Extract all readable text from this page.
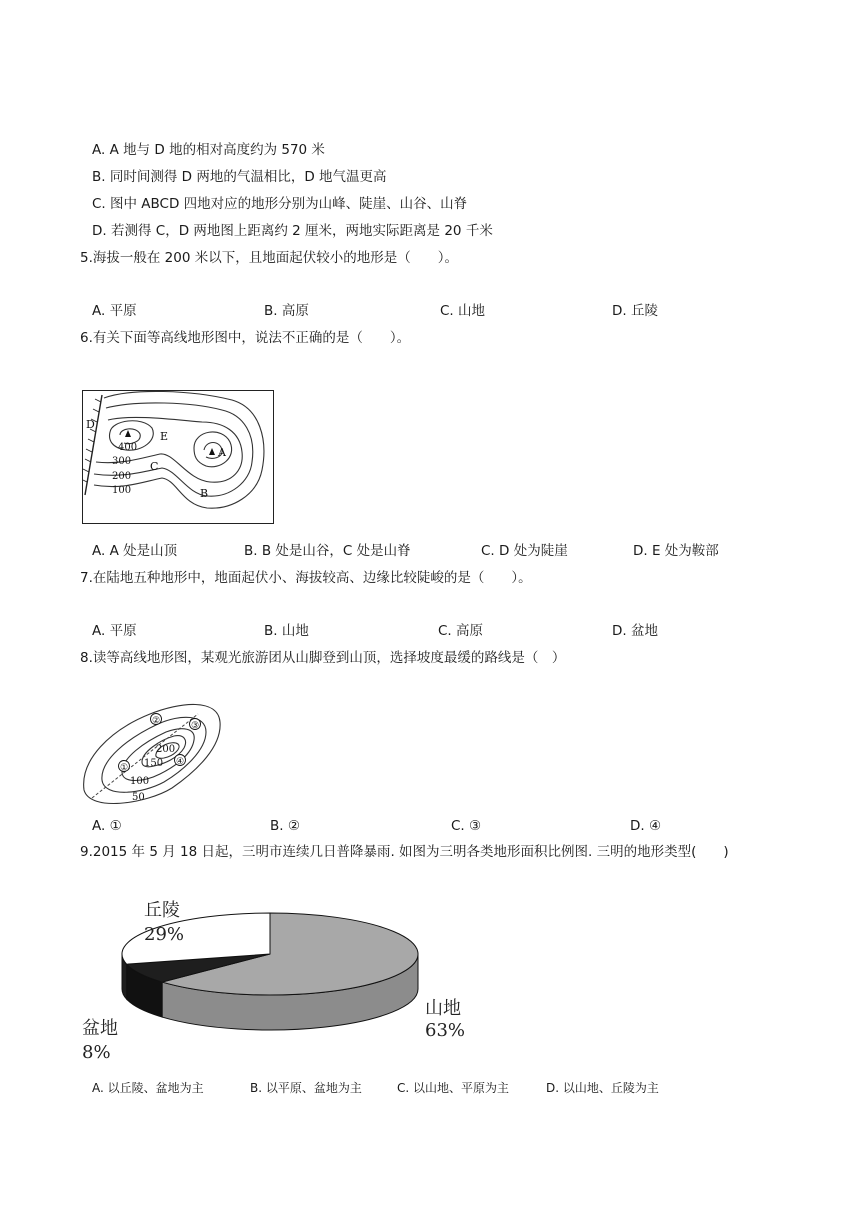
A. A 地与 D 地的相对高度约为 570 米
B. 同时间测得 D 两地的气温相比，D 地气温更高
C. 图中 ABCD 四地对应的地形分别为山峰、陡崖、山谷、山脊
D. 若测得 C，D 两地图上距离约 2 厘米，两地实际距离是 20 千米
5.海拔一般在 200 米以下，且地面起伏较小的地形是（　　）。
A. 平原	B. 高原	C. 山地	D. 丘陵
6.有关下面等高线地形图中，说法不正确的是（　　）。
D
E
A
C
B
400
300
200
100
A. A 处是山顶	B. B 处是山谷，C 处是山脊	C. D 处为陡崖	D. E 处为鞍部
7.在陆地五种地形中，地面起伏小、海拔较高、边缘比较陡峻的是（　　）。
A. 平原	B. 山地	C. 高原	D. 盆地
8.读等高线地形图，某观光旅游团从山脚登到山顶，选择坡度最缓的路线是（　）
①
②	③
④
200
150
100
50
A. ①	B. ②	C. ③	D. ④
9.2015 年 5 月 18 日起，三明市连续几日普降暴雨. 如图为三明各类地形面积比例图. 三明的地形类型(　　)
山地
63%
丘陵
29%
盆地
8%
A. 以丘陵、盆地为主	B. 以平原、盆地为主	C. 以山地、平原为主	D. 以山地、丘陵为主
